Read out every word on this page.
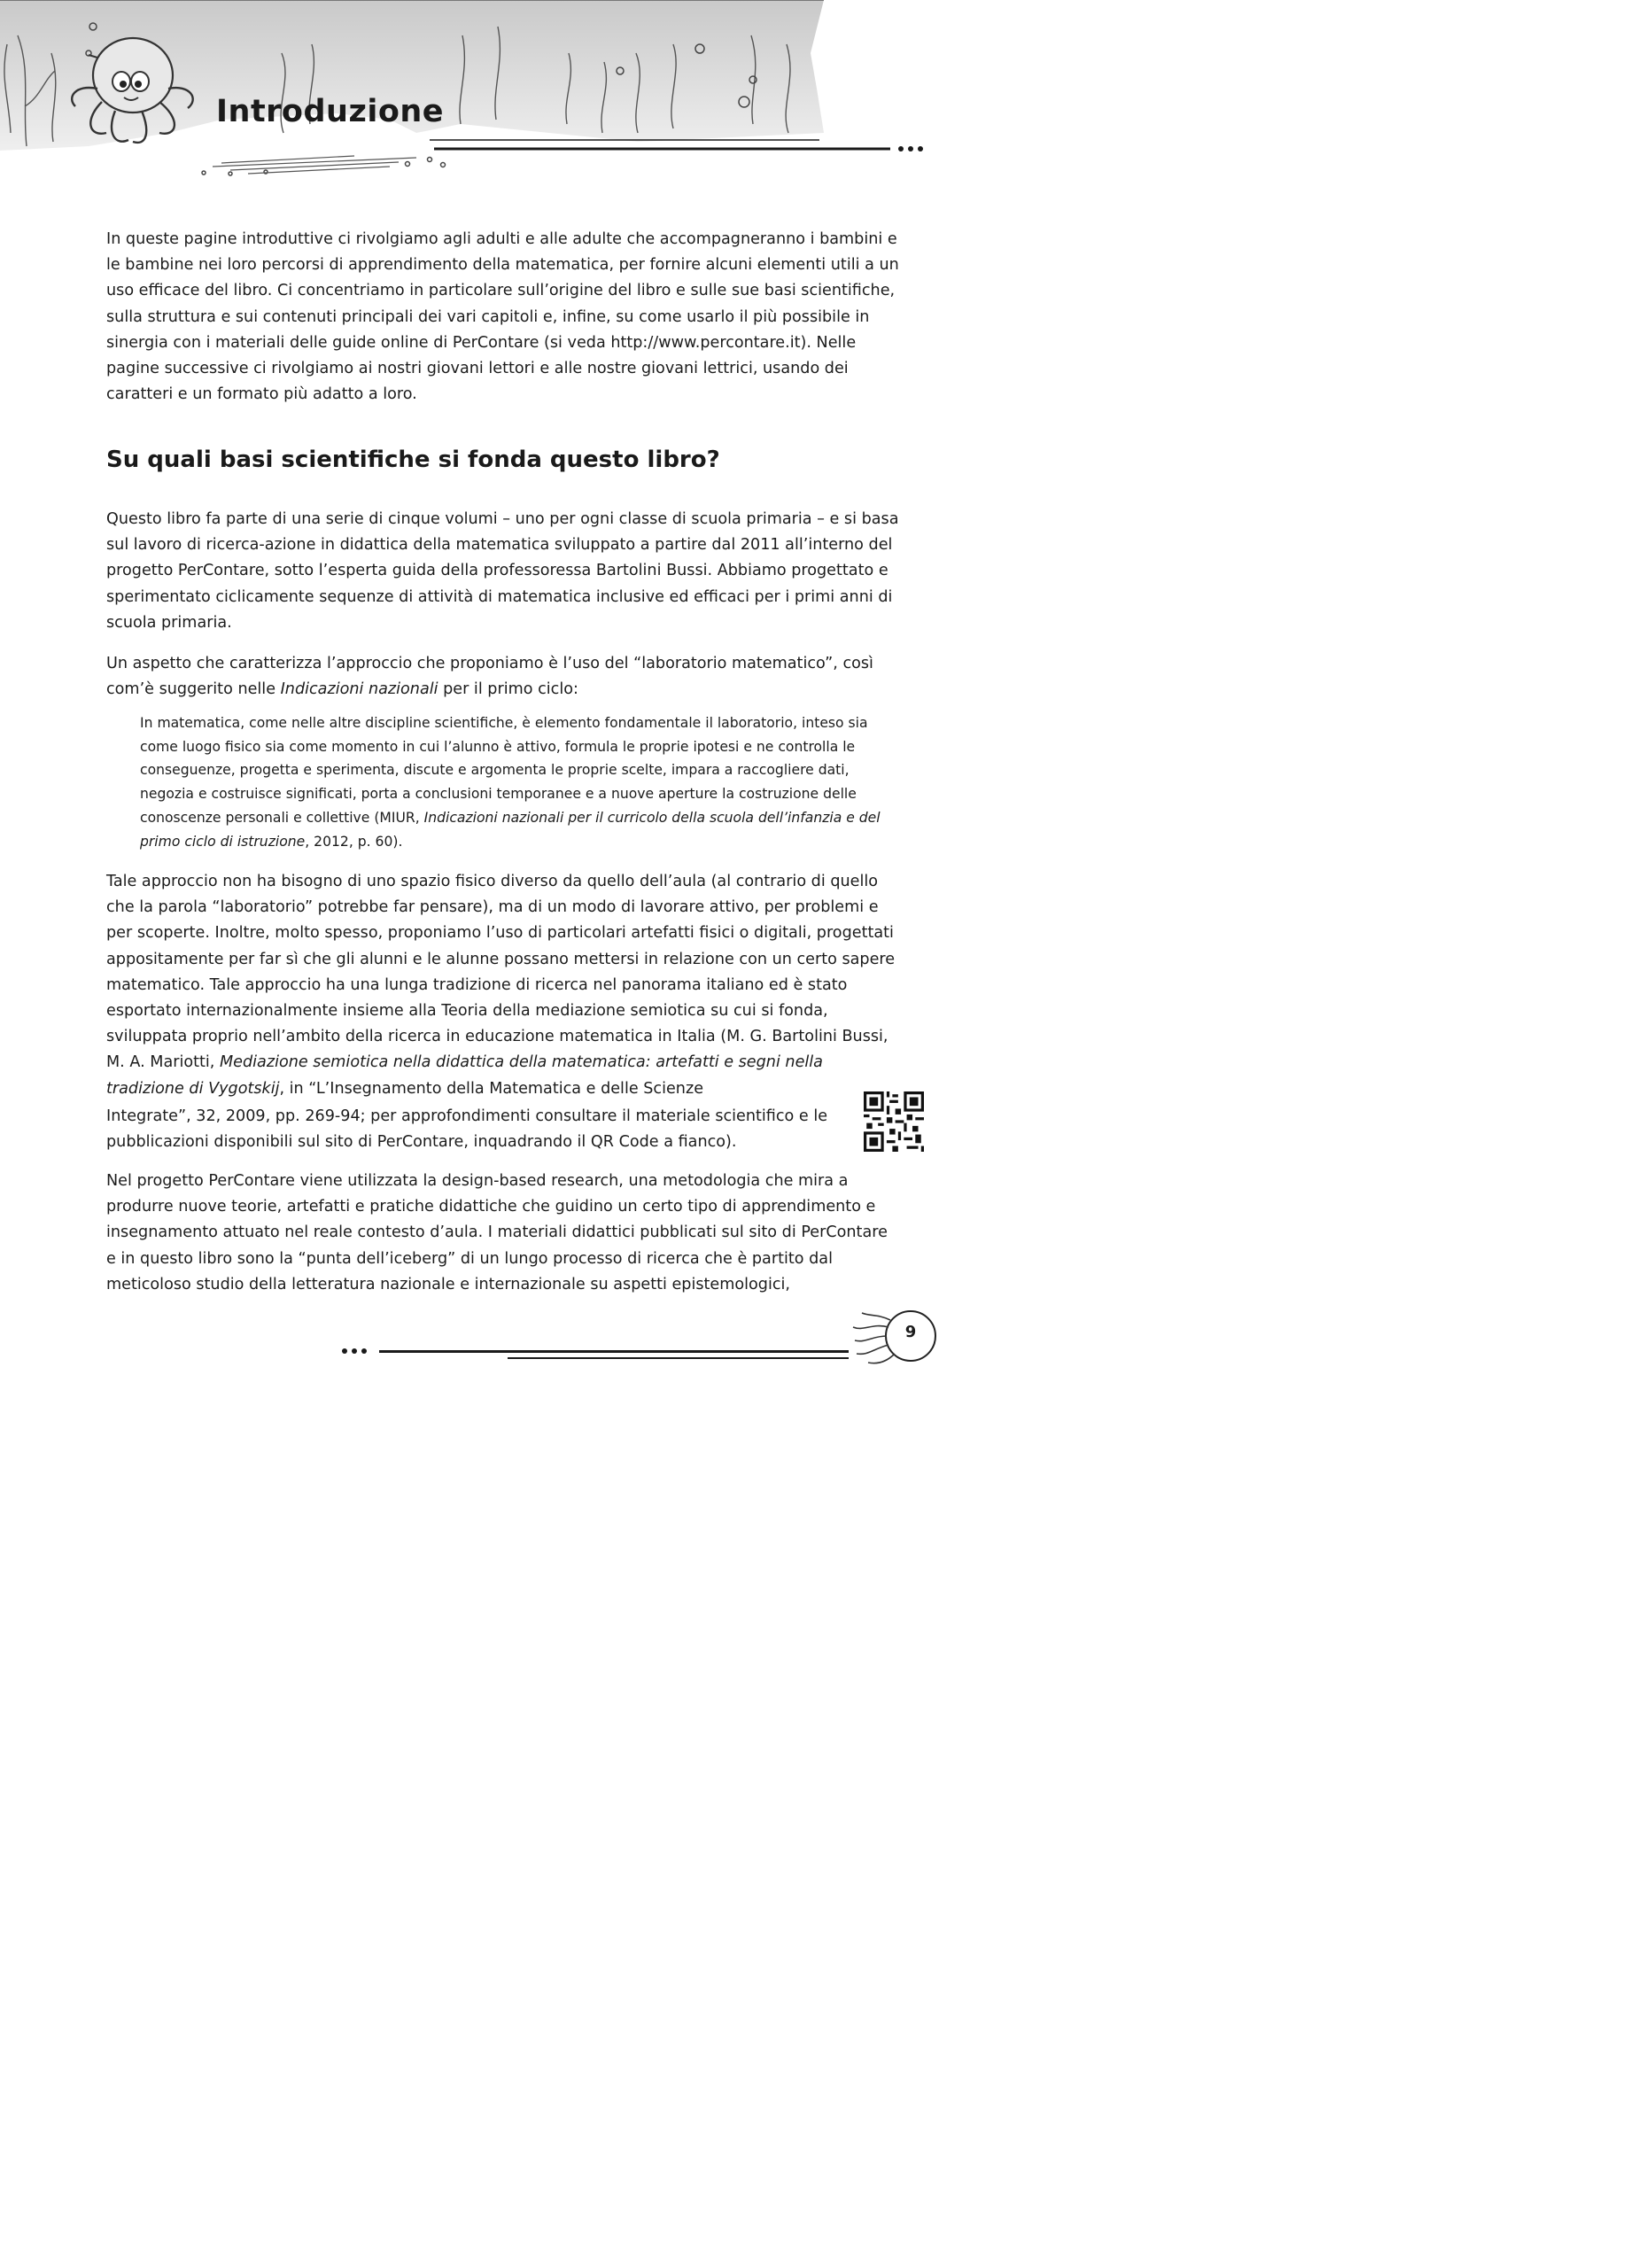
Introduzione

In queste pagine introduttive ci rivolgiamo agli adulti e alle adulte che accompagneranno i bambini e le bambine nei loro percorsi di apprendimento della matematica, per fornire alcuni elementi utili a un uso efficace del libro. Ci concentriamo in particolare sull’origine del libro e sulle sue basi scientifiche, sulla struttura e sui contenuti principali dei vari capitoli e, infine, su come usarlo il più possibile in sinergia con i materiali delle guide online di PerContare (si veda http://www.percontare.it). Nelle pagine successive ci rivolgiamo ai nostri giovani lettori e alle nostre giovani lettrici, usando dei caratteri e un formato più adatto a loro.

Su quali basi scientifiche si fonda questo libro?

Questo libro fa parte di una serie di cinque volumi – uno per ogni classe di scuola primaria – e si basa sul lavoro di ricerca-azione in didattica della matematica sviluppato a partire dal 2011 all’interno del progetto PerContare, sotto l’esperta guida della professoressa Bartolini Bussi. Abbiamo progettato e sperimentato ciclicamente sequenze di attività di matematica inclusive ed efficaci per i primi anni di scuola primaria.

Un aspetto che caratterizza l’approccio che proponiamo è l’uso del “laboratorio matematico”, così com’è suggerito nelle Indicazioni nazionali per il primo ciclo:

In matematica, come nelle altre discipline scientifiche, è elemento fondamentale il laboratorio, inteso sia come luogo fisico sia come momento in cui l’alunno è attivo, formula le proprie ipotesi e ne controlla le conseguenze, progetta e sperimenta, discute e argomenta le proprie scelte, impara a raccogliere dati, negozia e costruisce significati, porta a conclusioni temporanee e a nuove aperture la costruzione delle conoscenze personali e collettive (MIUR, Indicazioni nazionali per il curricolo della scuola dell’infanzia e del primo ciclo di istruzione, 2012, p. 60).

Tale approccio non ha bisogno di uno spazio fisico diverso da quello dell’aula (al contrario di quello che la parola “laboratorio” potrebbe far pensare), ma di un modo di lavorare attivo, per problemi e per scoperte. Inoltre, molto spesso, proponiamo l’uso di particolari artefatti fisici o digitali, progettati appositamente per far sì che gli alunni e le alunne possano mettersi in relazione con un certo sapere matematico. Tale approccio ha una lunga tradizione di ricerca nel panorama italiano ed è stato esportato internazionalmente insieme alla Teoria della mediazione semiotica su cui si fonda, sviluppata proprio nell’ambito della ricerca in educazione matematica in Italia (M. G. Bartolini Bussi, M. A. Mariotti, Mediazione semiotica nella didattica della matematica: artefatti e segni nella tradizione di Vygotskij, in “L’Insegnamento della Matematica e delle Scienze

Integrate”, 32, 2009, pp. 269-94; per approfondimenti consultare il materiale scientifico e le pubblicazioni disponibili sul sito di PerContare, inquadrando il QR Code a fianco).

Nel progetto PerContare viene utilizzata la design-based research, una metodologia che mira a produrre nuove teorie, artefatti e pratiche didattiche che guidino un certo tipo di apprendimento e insegnamento attuato nel reale contesto d’aula. I materiali didattici pubblicati sul sito di PerContare e in questo libro sono la “punta dell’iceberg” di un lungo processo di ricerca che è partito dal meticoloso studio della letteratura nazionale e internazionale su aspetti epistemologici,

9
